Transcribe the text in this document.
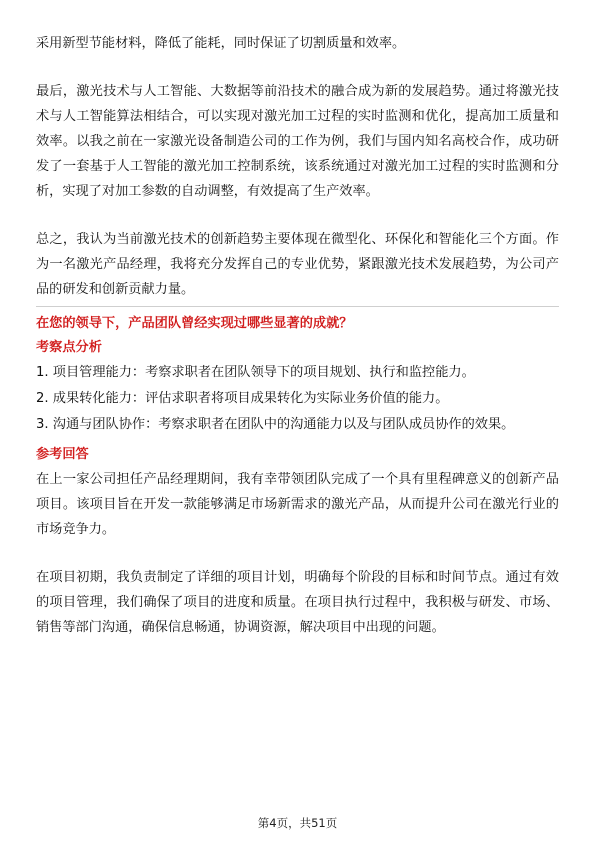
采用新型节能材料，降低了能耗，同时保证了切割质量和效率。

最后，激光技术与人工智能、大数据等前沿技术的融合成为新的发展趋势。通过将激光技术与人工智能算法相结合，可以实现对激光加工过程的实时监测和优化，提高加工质量和效率。以我之前在一家激光设备制造公司的工作为例，我们与国内知名高校合作，成功研发了一套基于人工智能的激光加工控制系统，该系统通过对激光加工过程的实时监测和分析，实现了对加工参数的自动调整，有效提高了生产效率。

总之，我认为当前激光技术的创新趋势主要体现在微型化、环保化和智能化三个方面。作为一名激光产品经理，我将充分发挥自己的专业优势，紧跟激光技术发展趋势，为公司产品的研发和创新贡献力量。

在您的领导下，产品团队曾经实现过哪些显著的成就？
考察点分析

1. 项目管理能力：考察求职者在团队领导下的项目规划、执行和监控能力。

2. 成果转化能力：评估求职者将项目成果转化为实际业务价值的能力。

3. 沟通与团队协作：考察求职者在团队中的沟通能力以及与团队成员协作的效果。

参考回答

在上一家公司担任产品经理期间，我有幸带领团队完成了一个具有里程碑意义的创新产品项目。该项目旨在开发一款能够满足市场新需求的激光产品，从而提升公司在激光行业的市场竞争力。

在项目初期，我负责制定了详细的项目计划，明确每个阶段的目标和时间节点。通过有效的项目管理，我们确保了项目的进度和质量。在项目执行过程中，我积极与研发、市场、销售等部门沟通，确保信息畅通，协调资源，解决项目中出现的问题。

第4页，共51页
